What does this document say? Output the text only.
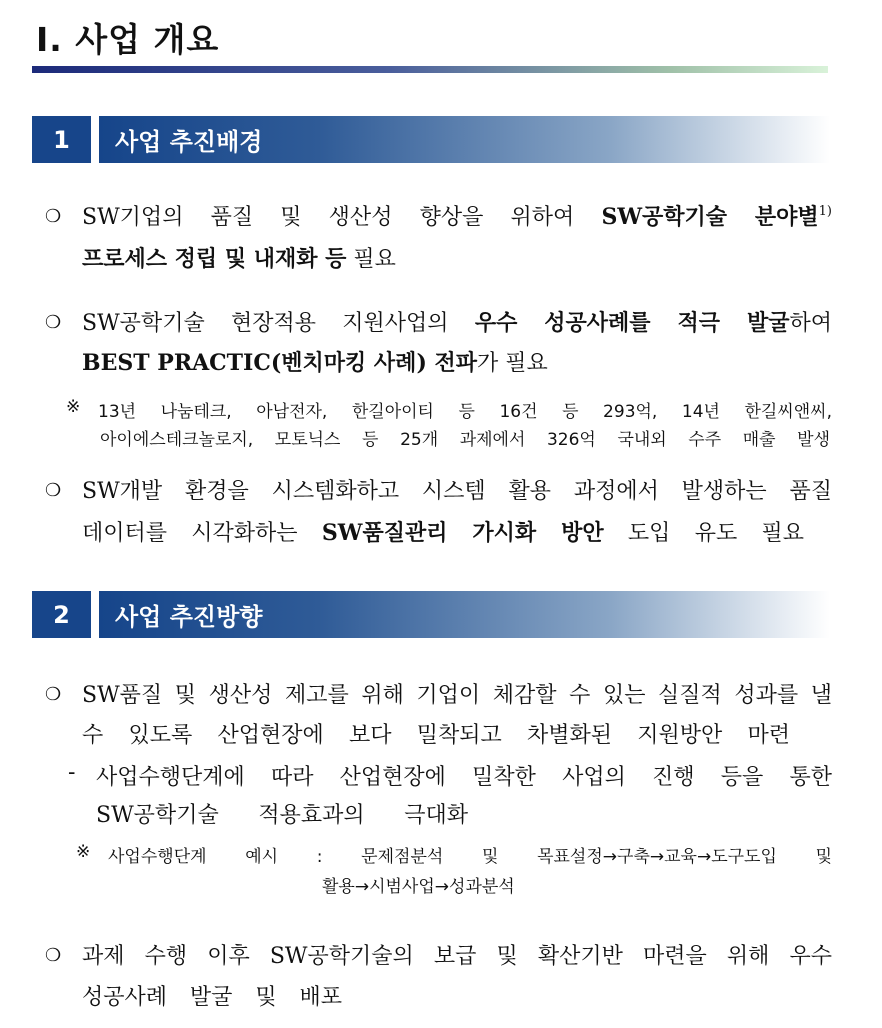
Ⅰ. 사업 개요
1	사업 추진배경
❍ SW기업의 품질 및 생산성 향상을 위하여 SW공학기술 분야별$^{1)}$
프로세스 정립 및 내재화 등 필요
❍ SW공학기술 현장적용 지원사업의 우수 성공사례를 적극 발굴하여
BEST PRACTIC(벤치마킹 사례) 전파가 필요
※ 13년 나눔테크, 아남전자, 한길아이티 등 16건 등 293억, 14년 한길씨앤씨,
아이에스테크놀로지, 모토닉스 등 25개 과제에서 326억 국내외 수주 매출 발생
❍ SW개발 환경을 시스템화하고 시스템 활용 과정에서 발생하는 품질
데이터를 시각화하는 SW품질관리 가시화 방안 도입 유도 필요
2	사업 추진방향
❍ SW품질 및 생산성 제고를 위해 기업이 체감할 수 있는 실질적 성과를 낼
수 있도록 산업현장에 보다 밀착되고 차별화된 지원방안 마련
- 사업수행단계에 따라 산업현장에 밀착한 사업의 진행 등을 통한
SW공학기술 적용효과의 극대화
※ 사업수행단계 예시 : 문제점분석 및 목표설정→구축→교육→도구도입 및
활용→시범사업→성과분석
❍ 과제 수행 이후 SW공학기술의 보급 및 확산기반 마련을 위해 우수
성공사례 발굴 및 배포
